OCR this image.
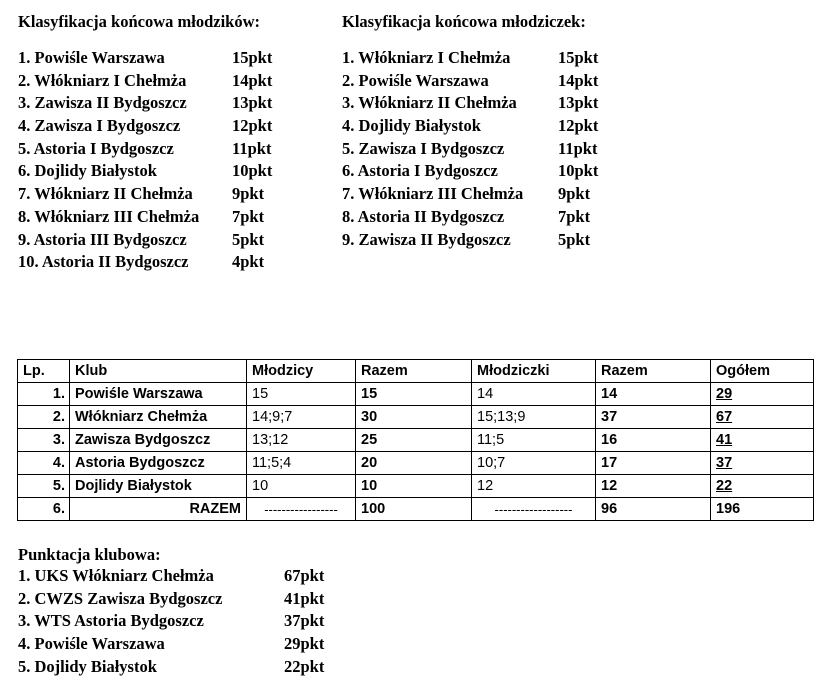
Klasyfikacja końcowa młodzików:
1. Powiśle Warszawa	15pkt
2. Włókniarz I Chełmża	14pkt
3. Zawisza II Bydgoszcz	13pkt
4. Zawisza I Bydgoszcz	12pkt
5. Astoria I Bydgoszcz	11pkt
6. Dojlidy Białystok	10pkt
7. Włókniarz II Chełmża 9pkt
8. Włókniarz III Chełmża 7pkt
9. Astoria III Bydgoszcz	5pkt
10. Astoria II Bydgoszcz	4pkt
Klasyfikacja końcowa młodziczek:
1. Włókniarz I Chełmża	15pkt
2. Powiśle Warszawa	14pkt
3. Włókniarz II Chełmża 13pkt
4. Dojlidy Białystok	12pkt
5. Zawisza I Bydgoszcz	11pkt
6. Astoria I Bydgoszcz	10pkt
7. Włókniarz III Chełmża 9pkt
8. Astoria II Bydgoszcz	7pkt
9. Zawisza II Bydgoszcz	5pkt
Lp.	Klub	Młodzicy	Razem	Młodziczki	Razem	Ogółem
1.	Powiśle Warszawa	15	15	14	14	29
2.	Włókniarz Chełmża	14;9;7	30	15;13;9	37	67
3.	Zawisza Bydgoszcz	13;12	25	11;5	16	41
4.	Astoria Bydgoszcz	11;5;4	20	10;7	17	37
5.	Dojlidy Białystok	10	10	12	12	22
6.	RAZEM	-----------------	100	------------------	96	196
Punktacja klubowa:
1. UKS Włókniarz Chełmża	67pkt
2. CWZS Zawisza Bydgoszcz	41pkt
3. WTS Astoria Bydgoszcz	37pkt
4. Powiśle Warszawa	29pkt
5. Dojlidy Białystok	22pkt
